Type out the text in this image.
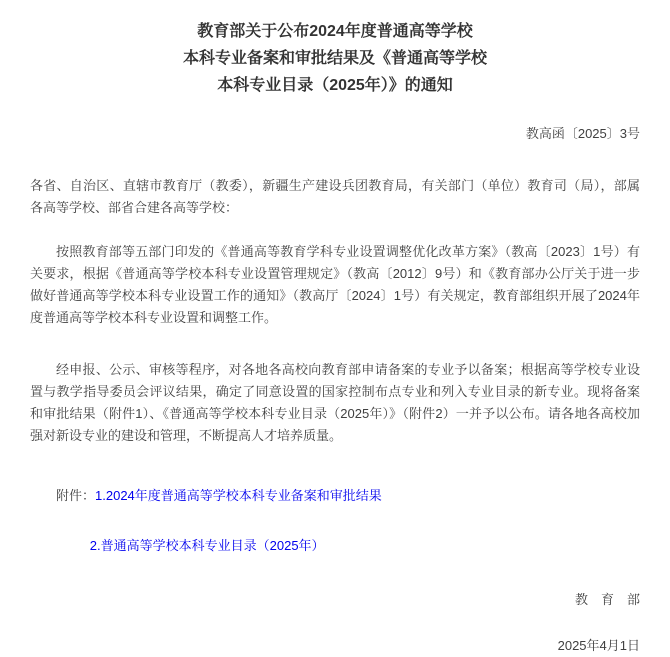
教育部关于公布2024年度普通高等学校
本科专业备案和审批结果及《普通高等学校
本科专业目录（2025年）》的通知
教高函〔2025〕3号

各省、自治区、直辖市教育厅（教委），新疆生产建设兵团教育局，有关部门（单位）教育司（局），部属各高等学校、部省合建各高等学校：

按照教育部等五部门印发的《普通高等教育学科专业设置调整优化改革方案》（教高〔2023〕1号）有关要求，根据《普通高等学校本科专业设置管理规定》（教高〔2012〕9号）和《教育部办公厅关于进一步做好普通高等学校本科专业设置工作的通知》（教高厅〔2024〕1号）有关规定，教育部组织开展了2024年度普通高等学校本科专业设置和调整工作。

经申报、公示、审核等程序，对各地各高校向教育部申请备案的专业予以备案；根据高等学校专业设置与教学指导委员会评议结果，确定了同意设置的国家控制布点专业和列入专业目录的新专业。现将备案和审批结果（附件1）、《普通高等学校本科专业目录（2025年）》（附件2）一并予以公布。请各地各高校加强对新设专业的建设和管理，不断提高人才培养质量。

附件：1.2024年度普通高等学校本科专业备案和审批结果
2.普通高等学校本科专业目录（2025年）
教　育　部
2025年4月1日
